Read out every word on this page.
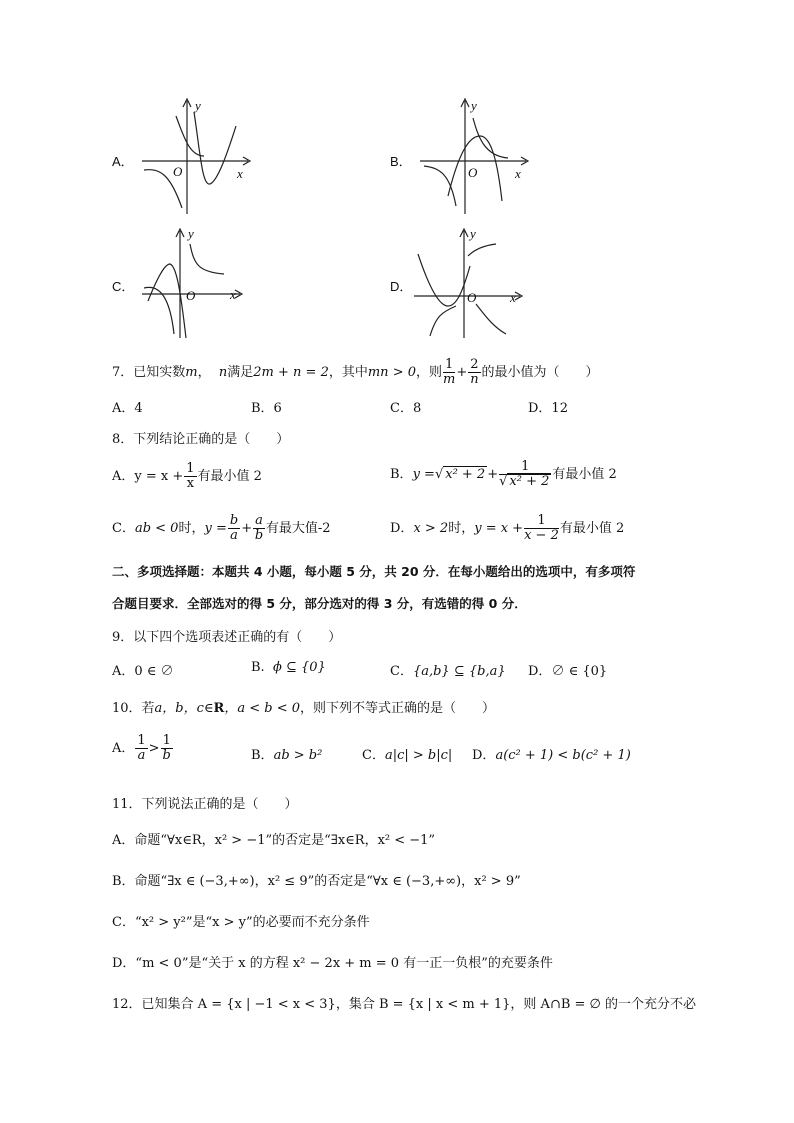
A．
y
x
O
B．
y
x
O
C．
y
x
O
D．
y
x
O
7．已知实数m， n满足2m + n = 2，其中mn > 0，则 $\frac{1}{m} + \frac{2}{n}$ 的最小值为（　　）
A．4	B．6	C．8	D．12
8．下列结论正确的是（　　）
A．$y = x + \frac{1}{x}$ 有最小值 2	B．y =√ $x^2 + 2 + \frac{1}{\text{√ x² + 2}}$ 有最小值 2
C．ab < 0时，$y = \frac{b}{a} + \frac{a}{b}$ 有最大值-2	D．x > 2时，$y = x + \frac{1}{x - 2}$ 有最小值 2
二、多项选择题：本题共 4 小题，每小题 5 分，共 20 分．在每小题给出的选项中，有多项符
合题目要求．全部选对的得 5 分，部分选对的得 3 分，有选错的得 0 分．
9．以下四个选项表述正确的有（　　）
A．0 ∈ ∅	B. ϕ ⊆ {0}	C．{a,b} ⊆ {b,a} D．∅ ∈ {0}
10．若a，b，c∈R，a < b < 0，则下列不等式正确的是（　　）
A． $\frac{1}{a} > \frac{1}{b}$	B．ab > b²	C．a|c| > b|c| D．a(c² + 1) < b(c² + 1)
11．下列说法正确的是（　　）
A．命题“∀x∈R，x² > −1”的否定是“∃x∈R，x² < −1”
B．命题“∃x ∈ (−3,+∞)，x² ≤ 9”的否定是“∀x ∈ (−3,+∞)，x² > 9”
C．“x² > y²”是“x > y”的必要而不充分条件
D．“m < 0”是“关于 x 的方程 x² − 2x + m = 0 有一正一负根”的充要条件
12．已知集合 A = {x | −1 < x < 3}，集合 B = {x | x < m + 1}，则 A∩B = ∅ 的一个充分不必
